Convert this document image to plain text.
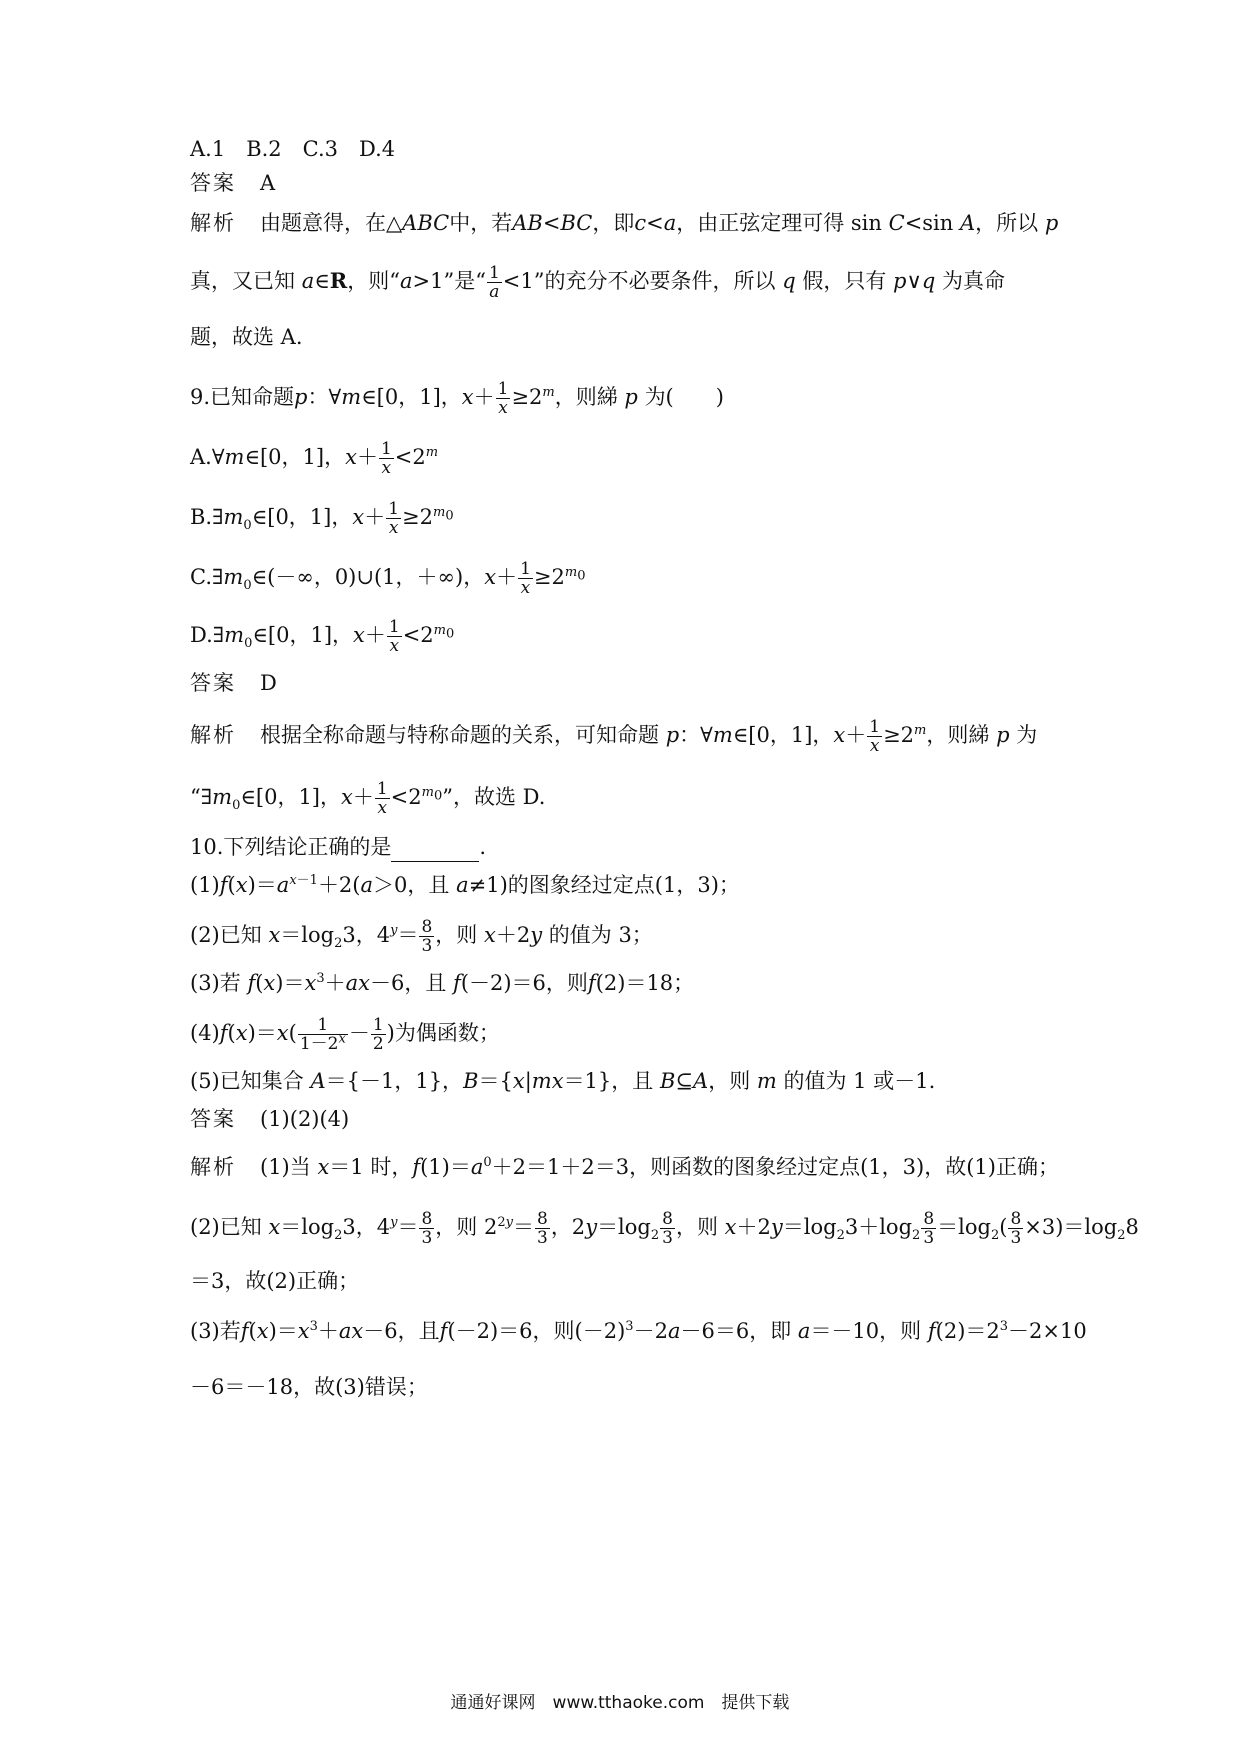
A.1　B.2　C.3　D.4
答案 A
解析 由题意得，在△ABC中，若AB<BC，即c<a，由正弦定理可得 sin C<sin A，所以 p
真，又已知 a∈R，则“a>1”是“ $\frac{1}{a} <1$”的充分不必要条件，所以 q 假，只有 p∨q 为真命
题，故选 A.
9.已知命题p：∀m∈[0，1]，$x+ \frac{1}{x} \ge 2^m$，则綈 p 为(　　)
A.∀m∈[0，1]，$x+ \frac{1}{x} <2^m$
$B.\exists m_0\in[0$，1]，$x+ \frac{1}{x} \ge 2^{m_0}$
$C.\exists m_0\in(-\infty$，0)∪(1，＋∞)，$x+ \frac{1}{x} \ge 2^{m_0}$
$D.\exists m_0\in[0$，1]，$x+ \frac{1}{x} <2^{m_0}$
答案 D
解析 根据全称命题与特称命题的关系，可知命题 p：∀m∈[0，1]，$x+ \frac{1}{x} \ge 2^m$，则綈 p 为
“$\exists m_0\in[0$，1]，$x+ \frac{1}{x} <2^{m_0}$”，故选 D.
10.下列结论正确的是	.
$(1)f(x)=a^{x-1}+2(a>0$，且 a≠1)的图象经过定点(1，3)；
(2)已知 $x=\log_23$，$4^y= \frac{8}{3}$ ，则 x＋2y 的值为 3；
(3)若 $f(x)=x^3+ax-6$，且 f(－2)＝6，则f(2)＝18；
$(4)f(x)=x( \frac{1}{1-2^x} - \frac{1}{2}$ )为偶函数；
(5)已知集合 A＝{－1，1}，B＝{x|mx＝1}，且 B⊆A，则 m 的值为 1 或－1.
答案 (1)(2)(4)
解析 (1)当 x＝1 时，$f(1)=a^0+2=1+2=3$，则函数的图象经过定点(1，3)，故(1)正确；
(2)已知 $x=\log_23$，$4^y= \frac{8}{3}$ ，则 $2^{2y}= \frac{8}{3}$ ，$2y=\log_2 \frac{8}{3}$ ，则 $x+2y=\log_23+\log_2 \frac{8}{3} =\log_2( \frac{8}{3} \times 3)=\log_28$
＝3，故(2)正确；
(3)若$f(x)=x^3+ax-6$，且f(－2)＝6，则$(-2)^3-2a-6=6$，即 a＝－10，则 $f(2)=2^3-2\times 10$
－6＝－18，故(3)错误；
通通好课网　www.tthaoke.com　提供下载
